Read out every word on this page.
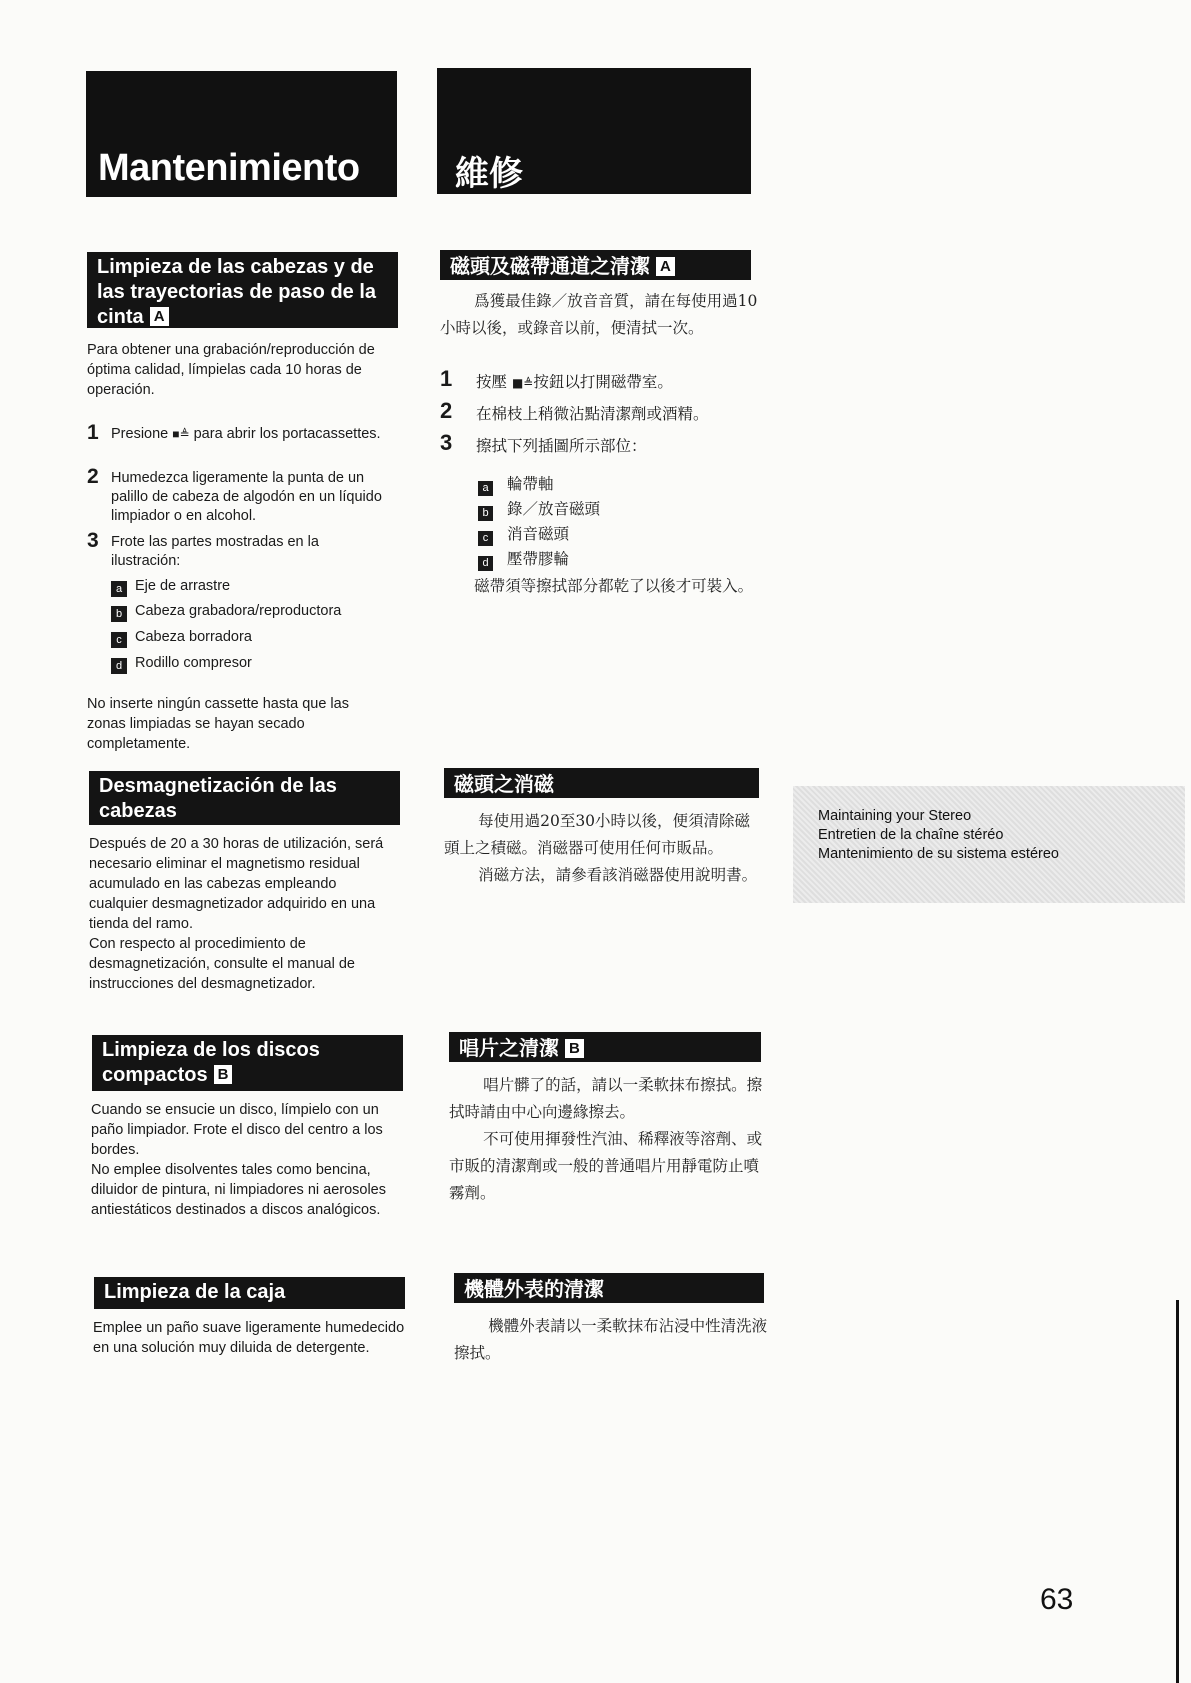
Mantenimiento	維修
Limpieza de las cabezas y de las trayectorias de paso de la cinta A
Para obtener una grabación/reproducción de óptima calidad, límpielas cada 10 horas de operación.
1 Presione ■≜ para abrir los portacassettes.
2 Humedezca ligeramente la punta de un palillo de cabeza de algodón en un líquido limpiador o en alcohol.
3 Frote las partes mostradas en la ilustración:
a Eje de arrastre
b Cabeza grabadora/reproductora
c Cabeza borradora
d Rodillo compresor
No inserte ningún cassette hasta que las zonas limpiadas se hayan secado completamente.
Desmagnetización de las cabezas
Después de 20 a 30 horas de utilización, será necesario eliminar el magnetismo residual acumulado en las cabezas empleando cualquier desmagnetizador adquirido en una tienda del ramo.
Con respecto al procedimiento de desmagnetización, consulte el manual de instrucciones del desmagnetizador.
Limpieza de los discos compactos B
Cuando se ensucie un disco, límpielo con un paño limpiador. Frote el disco del centro a los bordes.
No emplee disolventes tales como bencina, diluidor de pintura, ni limpiadores ni aerosoles antiestáticos destinados a discos analógicos.
Limpieza de la caja
Emplee un paño suave ligeramente humedecido en una solución muy diluida de detergente.
磁頭及磁帶通道之清潔 A
爲獲最佳錄／放音音質，請在每使用過10小時以後，或錄音以前，便清拭一次。
1 按壓 ■≜按鈕以打開磁帶室。
2 在棉枝上稍微沾點清潔劑或酒精。
3 擦拭下列插圖所示部位：
a 輪帶軸
b 錄／放音磁頭
c 消音磁頭
d 壓帶膠輪
磁帶須等擦拭部分都乾了以後才可裝入。
磁頭之消磁
每使用過20至30小時以後，便須清除磁頭上之積磁。消磁器可使用任何市販品。
消磁方法，請參看該消磁器使用說明書。
唱片之清潔 B
唱片髒了的話，請以一柔軟抹布擦拭。擦拭時請由中心向邊緣擦去。
不可使用揮發性汽油、稀釋液等溶劑、或市販的清潔劑或一般的普通唱片用靜電防止噴霧劑。
機體外表的清潔
機體外表請以一柔軟抹布沾浸中性清洗液擦拭。
Maintaining your Stereo
Entretien de la chaîne stéréo
Mantenimiento de su sistema estéreo
63
